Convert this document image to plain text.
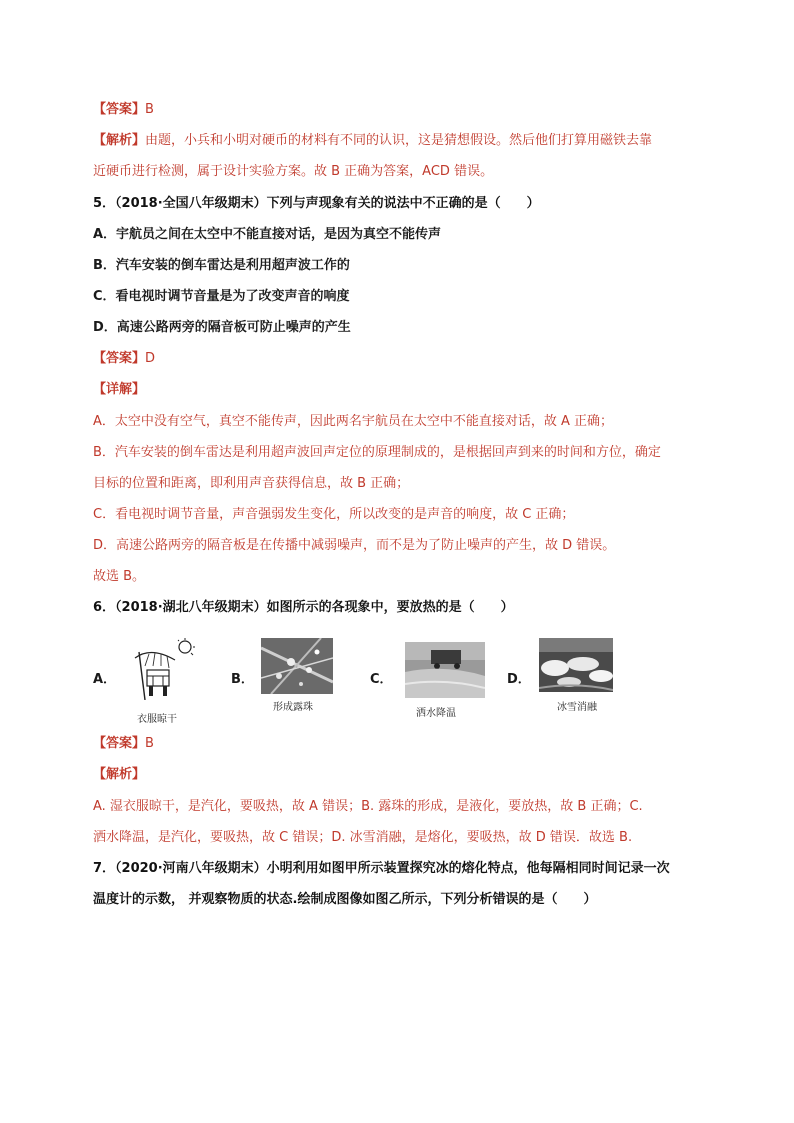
【答案】B
【解析】由题，小兵和小明对硬币的材料有不同的认识，这是猜想假设。然后他们打算用磁铁去靠
近硬币进行检测，属于设计实验方案。故 B 正确为答案，ACD 错误。
5．（2018·全国八年级期末）下列与声现象有关的说法中不正确的是（　　）
A．宇航员之间在太空中不能直接对话，是因为真空不能传声
B．汽车安装的倒车雷达是利用超声波工作的
C．看电视时调节音量是为了改变声音的响度
D．高速公路两旁的隔音板可防止噪声的产生
【答案】D
【详解】
A．太空中没有空气，真空不能传声，因此两名宇航员在太空中不能直接对话，故 A 正确；
B．汽车安装的倒车雷达是利用超声波回声定位的原理制成的，是根据回声到来的时间和方位，确定
目标的位置和距离，即利用声音获得信息，故 B 正确；
C．看电视时调节音量，声音强弱发生变化，所以改变的是声音的响度，故 C 正确；
D．高速公路两旁的隔音板是在传播中减弱噪声，而不是为了防止噪声的产生，故 D 错误。
故选 B。
6．（2018·湖北八年级期末）如图所示的各现象中，要放热的是（　　）
A．
衣服晾干
B．
形成露珠
C．
洒水降温
D．
冰雪消融
【答案】B
【解析】
A. 湿衣服晾干，是汽化，要吸热，故 A 错误；B. 露珠的形成，是液化，要放热，故 B 正确；C.
洒水降温，是汽化，要吸热，故 C 错误；D. 冰雪消融，是熔化，要吸热，故 D 错误．故选 B.
7．（2020·河南八年级期末）小明利用如图甲所示装置探究冰的熔化特点，他每隔相同时间记录一次
温度计的示数， 并观察物质的状态.绘制成图像如图乙所示，下列分析错误的是（　　）
